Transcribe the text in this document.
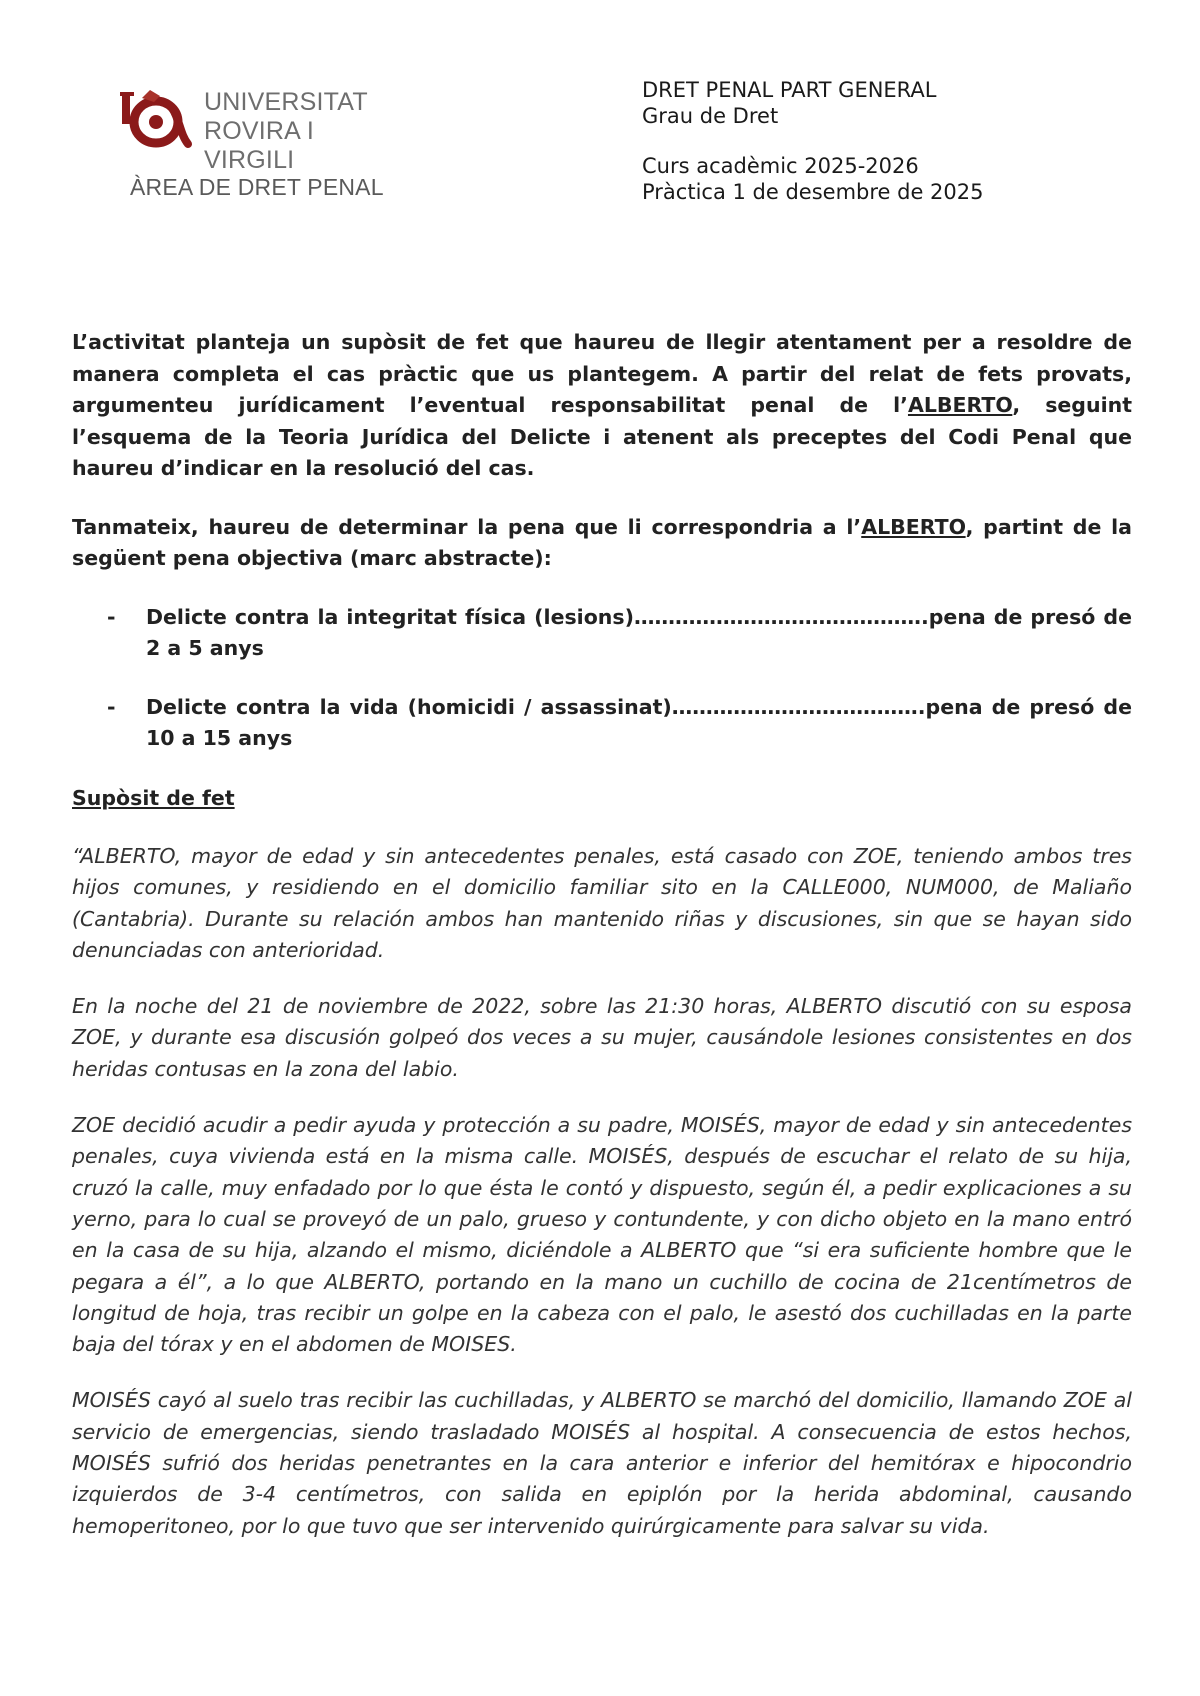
UNIVERSITAT
ROVIRA I VIRGILI
ÀREA DE DRET PENAL
DRET PENAL PART GENERAL
Grau de Dret
Curs acadèmic 2025-2026
Pràctica 1 de desembre de 2025

L’activitat planteja un supòsit de fet que haureu de llegir atentament per a resoldre de manera completa el cas pràctic que us plantegem. A partir del relat de fets provats, argumenteu jurídicament l’eventual responsabilitat penal de l’ALBERTO, seguint l’esquema de la Teoria Jurídica del Delicte i atenent als preceptes del Codi Penal que haureu d’indicar en la resolució del cas.

Tanmateix, haureu de determinar la pena que li correspondria a l’ALBERTO, partint de la següent pena objectiva (marc abstracte):

- Delicte contra la integritat física (lesions)…………………………………….pena de presó de 2 a 5 anys
- Delicte contra la vida (homicidi / assassinat)……………………………….pena de presó de 10 a 15 anys

Supòsit de fet

“ALBERTO, mayor de edad y sin antecedentes penales, está casado con ZOE, teniendo ambos tres hijos comunes, y residiendo en el domicilio familiar sito en la CALLE000, NUM000, de Maliaño (Cantabria). Durante su relación ambos han mantenido riñas y discusiones, sin que se hayan sido denunciadas con anterioridad.

En la noche del 21 de noviembre de 2022, sobre las 21:30 horas, ALBERTO discutió con su esposa ZOE, y durante esa discusión golpeó dos veces a su mujer, causándole lesiones consistentes en dos heridas contusas en la zona del labio.

ZOE decidió acudir a pedir ayuda y protección a su padre, MOISÉS, mayor de edad y sin antecedentes penales, cuya vivienda está en la misma calle. MOISÉS, después de escuchar el relato de su hija, cruzó la calle, muy enfadado por lo que ésta le contó y dispuesto, según él, a pedir explicaciones a su yerno, para lo cual se proveyó de un palo, grueso y contundente, y con dicho objeto en la mano entró en la casa de su hija, alzando el mismo, diciéndole a ALBERTO que “si era suficiente hombre que le pegara a él”, a lo que ALBERTO, portando en la mano un cuchillo de cocina de 21centímetros de longitud de hoja, tras recibir un golpe en la cabeza con el palo, le asestó dos cuchilladas en la parte baja del tórax y en el abdomen de MOISES.

MOISÉS cayó al suelo tras recibir las cuchilladas, y ALBERTO se marchó del domicilio, llamando ZOE al servicio de emergencias, siendo trasladado MOISÉS al hospital. A consecuencia de estos hechos, MOISÉS sufrió dos heridas penetrantes en la cara anterior e inferior del hemitórax e hipocondrio izquierdos de 3-4 centímetros, con salida en epiplón por la herida abdominal, causando hemoperitoneo, por lo que tuvo que ser intervenido quirúrgicamente para salvar su vida.
